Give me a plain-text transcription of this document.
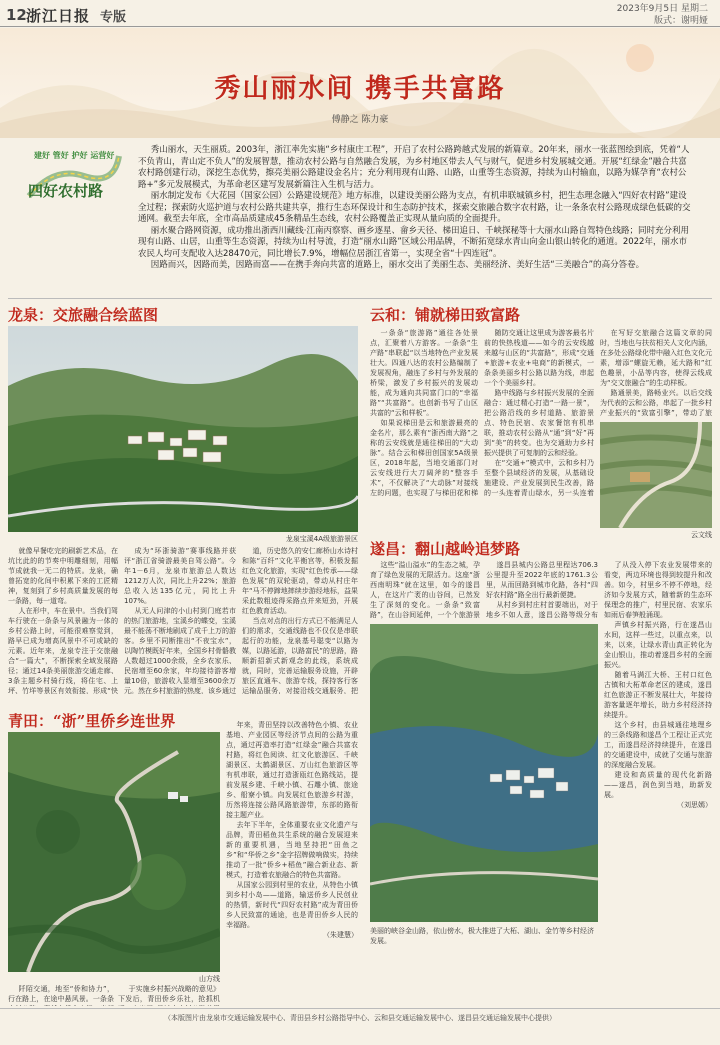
12 浙江日报 专版
2023年9月5日 星期二
版式：谢明娅
秀山丽水间 携手共富路
傅静之 陈力豪
建好 管好 护好 运营好
四好农村路

秀山丽水，天生丽质。2003年，浙江率先实施“乡村康庄工程”，开启了农村公路跨越式发展的新篇章。20年来，丽水一张蓝图绘到底，凭着“人不负青山，青山定不负人”的发展智慧，推动农村公路与自然融合发展，为乡村地区带去人气与财气，促进乡村发展城交通。开展“红绿金”融合共富农村路创建行动，深挖生态优势，擦亮美丽公路建设金名片；充分利用现有山路、山路，山重等生态资源，持续为山村输血，以路为媒孕育“农村公路+”多元发展模式，为革命老区建写发展新篇注入生机与活力。

丽水制定发布《大花园（国家公园）公路建设规范》地方标准，以建设美丽公路为支点，有机串联城镇乡村，把生态理念融入“四好农村路”建设全过程；探索防火巡护道与农村公路共建共享，推行生态环保设计和生态防护技术，探索交旅融合数字农村路，让一条条农村公路现成绿色低碳的交通网。截至去年底，全市高品质建成45条精品生态线，农村公路覆盖正实现从量向质的全面提升。

丽水聚合路网资源，成功推出浙西川藏线·江南丙察察、画乡逐星、畲乡天径、梯田追日、千峡探秘等十大丽水山路自驾特色线路；同时充分利用现有山路、山居，山重等生态资源，持续为山村导流，打造“丽水山路”区域公用品牌，不断拓宽绿水青山向金山银山转化的通道。2022年，丽水市农民人均可支配收入达28470元，同比增长7.9%，增幅位居浙江省第一，实现全省“十四连冠”。

因路而兴，因路而美，因路而富——在携手奔向共富的道路上，丽水交出了美丽生态、美丽经济、美好生活“三美融合”的高分答卷。

龙泉：交旅融合绘蓝图
龙泉宝溪4A级旅游景区

就像早餐吃完的刷新艺术品，在坑比此的的节奏中明雕细刻，用幅节成就我一无二的特质。龙泉，确曾拓宽的化间中积累下来的工匠精神，复刻到了乡村高质量发展的每一条路，每一道弯。

人在形中，车在景中。当我们驾车行驶在一条条与风景融为一体的乡村公路上时，可能很难察觉到，路早已成为增高风景中不可或缺的元素。近年来，龙泉专注于交旅融合“一篇大”，不断探索全域发展路径；通过14条美丽旅游交通走廊、3条主题乡村骑行线，将住宅、上坪、竹垟等景区有效衔接，形成“快

成为“环浙骑游”赛事线路并获评“浙江省骑游最美自驾公路”。今年1－6月，龙泉市旅游总人数达1212万人次，同比上升22%；旅游总收入达135亿元，同比上升107%。

从无人问津的小山村到门庭若市的热门旅游地，宝溪乡的蝶变，宝溪最不能荡不断地刷成了成千上万的游客。乡里不同断推出“不夜宝水”，以陶竹模既好年来，全国乡村骨骼教人数超过1000余级，全乡农家乐、民宿增至60余家，年均接待游客增量10倍，旅游收入显增至3600余万元。然在乡村旅游的热度，该乡通过

道，历史悠久的安仁廊桥山水诗村和陈“百纤”文化平衡宫等，积极发掘红色文化旅游，实现“红色传承——绿色发展”的双轮驱动，带动从村庄年年“马不停蹄地摔续步游经地标，益果采此数粗迹得采路点并来短劲，开展红色教育活动。

当点对点的出行方式已不能满足人们的需求，交通线路也不仅仅是串联起行的功能，龙泉基号聪变“以路为媒，以路延游，以路富民”的思路，路顺新招新式新观念的此线，系统成就，同时，完善运输服务设施，开辟旅区直通车、旅游专线，探持客行客运输品服务，对接沿线交通服务，把

青田：“浙”里侨乡连世界
山方线

年来，青田坚持以改善特色小镇、农业基地、产业园区等经济节点间的公路为重点，通过再造率打造“红绿金”融合共富农村路，将红色阅读、红文化旅游区、千峡湖景区、太鹤湖景区、万山红色旅游区等有机串联，通过打造浙瓯红色路线站，提前发展乡建、千峡小镇、石雕小镇、旅途乡、船寮小镇。向发展红色旅游乡村游，历然将连接公路风路旅游带，东部的路衔接主题产业。

去年下半年，全体重要农业文化遗产与品牌，青田稻鱼共生系统的融合发展迎来新的重要机遇，当地坚持把“田鱼之乡”和“华侨之乡”金字招牌做响做实，持续推动了一批“侨乡+稻鱼”融合新业态、新模式，打造着农旅融合的特色共富路。

从国家公园到村里的农业，从特色小镇到乡村小岛——道路，输送侨乡人民创业的热情，新时代“四好农村路”成为青田侨乡人民致富的通途，也是青田侨乡人民的幸福路。

（朱建慧）

阡陌交通，地至“侨和协力”，行在路上，在途中悬风景。一条条

于实施乡村振兴战略的意见》下发后，青田侨乡乐社，抢抓机

云和：铺就梯田致富路

一条条“旅游路”通往各处景点，汇聚着八方游客。一条条“生产路”串联起“以当地特色产业发展壮大。四通八达的农村公路编制了发展视角，融连了乡村与外发展的桥梁，激发了乡村振兴的发展动能，成为通向共同富门口的“幸福路”“共富路”。也创新书写了山区共富的“云和样板”。

如果说梯田是云和旅游最亮的金名片，那么素有“浙西南大路”之称的云安线就是通往梯田的“大动脉”。结合云和梯田创国家5A级景区，2018年起，当地交通部门对云安线进行大刀阔斧的“整容手术”，不仅解决了“大动脉”对接线左的问题，也实现了与梯田花和梯

随防交通让这里成为游客最名片前的快热栈道——如今的云安线越来越与山区的“共富路”，形成“交通+旅游+农业+电商”的新模式，一条条美丽乡村公路以路为线，串起一个个美丽乡村。

路中线路与乡村振兴发展的全面融合：通过精心打造“一路一景”，把公路沿线的乡村道路、旅游景点、特色民宿、农家餐馆有机串联，推动农村公路从“通”到“好”再到“美”的转变。也为交通助力乡村振兴提供了可复制的云和经验。

在“交通+”模式中，云和乡村乃至整个县域经济的发展，从基础设施建设、产业发展到民生改善，路的一头连着青山绿水，另一头连着

在写好交旅融合这篇文章的同时，当地也与扶贫相关人文化内涵，在多处公路绿化带中融入红色文化元素，增添“螺旋无赖，延大路和”红色趣景，小品等内容，使得云线成为“交文旅融合”的生动样板。

路通景美，路畅业兴。以后交线为代表的云和公路，串起了一批乡村产业振兴的“致富引擎”，带动了旅

云文线
遂昌：翻山越岭追梦路

这些“溢山溢水”的生态之城，孕育了绿色发展的无限活力。这座“浙西南明珠”就在这里，如今的遂昌人，在这片广袤的山谷间，已然发生了深刻的变化。一条条“致富路”，在山谷间延伸，一个个旅游景

遂昌县城内公路总里程达706.3公里提升至2022年底的1761.3公里，从而回路到城市化路，各村“四好农村路”路全出行最新便捷。

从村乡到村庄村首要端出，对于地乡不如人意，遂昌公路等级分布

美丽的峡谷金山路，依山傍水，极大推进了大柘、湖山、金竹等乡村经济发展。

了从没入停下农业发展带来的看变，两边环境也得到较提升和改善。如今，村里乡不停不停地，经济如今发展方式，随着新的生态环保理念的推广，村里民宿、农家乐如雨后春笋般涌现。

声镇乡村振兴路，行在遂昌山水间，这样一些过，以重点来，以来，以来，让绿水青山真正转化为金山银山，推动着遂昌乡村的全面振兴。

随着马满江大桥、王村口红色古镇和大柘革命老区的建成，遂昌红色旅游正不断发展壮大，年接待游客量逐年增长，助力乡村经济持续提升。

这个乡村，由县城通往地理乡的三条线路和遂昌个工程让正式完工，而遂昌经济持续提升，在遂昌的交通建设中，成就了交通与旅游的深度融合发展。

建设和高质量的现代化新路——遂昌，润色到当地，助新发展。

（刘思嫣）

（本版图片由龙泉市交通运输发展中心、青田县乡村公路指导中心、云和县交通运输发展中心、遂昌县交通运输发展中心提供）
